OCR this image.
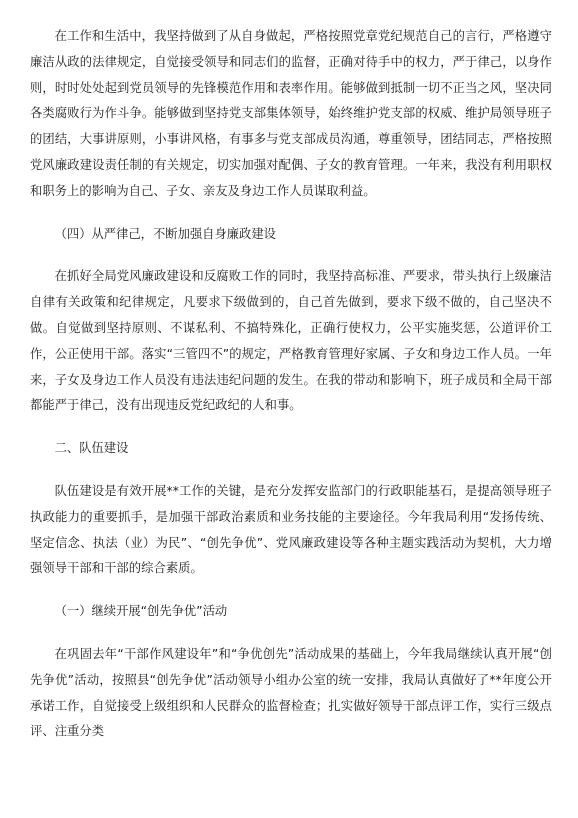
在工作和生活中，我坚持做到了从自身做起，严格按照党章党纪规范自己的言行，严格遵守廉洁从政的法律规定，自觉接受领导和同志们的监督，正确对待手中的权力，严于律己，以身作则，时时处处起到党员领导的先锋模范作用和表率作用。能够做到抵制一切不正当之风，坚决同各类腐败行为作斗争。能够做到坚持党支部集体领导，始终维护党支部的权威、维护局领导班子的团结，大事讲原则，小事讲风格，有事多与党支部成员沟通，尊重领导，团结同志，严格按照党风廉政建设责任制的有关规定，切实加强对配偶、子女的教育管理。一年来，我没有利用职权和职务上的影响为自己、子女、亲友及身边工作人员谋取利益。

（四）从严律己，不断加强自身廉政建设

在抓好全局党风廉政建设和反腐败工作的同时，我坚持高标准、严要求，带头执行上级廉洁自律有关政策和纪律规定，凡要求下级做到的，自己首先做到，要求下级不做的，自己坚决不做。自觉做到坚持原则、不谋私利、不搞特殊化，正确行使权力，公平实施奖惩，公道评价工作，公正使用干部。落实“三管四不”的规定，严格教育管理好家属、子女和身边工作人员。一年来，子女及身边工作人员没有违法违纪问题的发生。在我的带动和影响下，班子成员和全局干部都能严于律己，没有出现违反党纪政纪的人和事。

二、队伍建设

队伍建设是有效开展**工作的关键，是充分发挥安监部门的行政职能基石，是提高领导班子执政能力的重要抓手，是加强干部政治素质和业务技能的主要途径。今年我局利用“发扬传统、坚定信念、执法（业）为民”、“创先争优”、党风廉政建设等各种主题实践活动为契机，大力增强领导干部和干部的综合素质。

（一）继续开展“创先争优”活动

在巩固去年“干部作风建设年”和“争优创先”活动成果的基础上，今年我局继续认真开展“创先争优”活动，按照县“创先争优”活动领导小组办公室的统一安排，我局认真做好了**年度公开承诺工作，自觉接受上级组织和人民群众的监督检查；扎实做好领导干部点评工作，实行三级点评、注重分类
